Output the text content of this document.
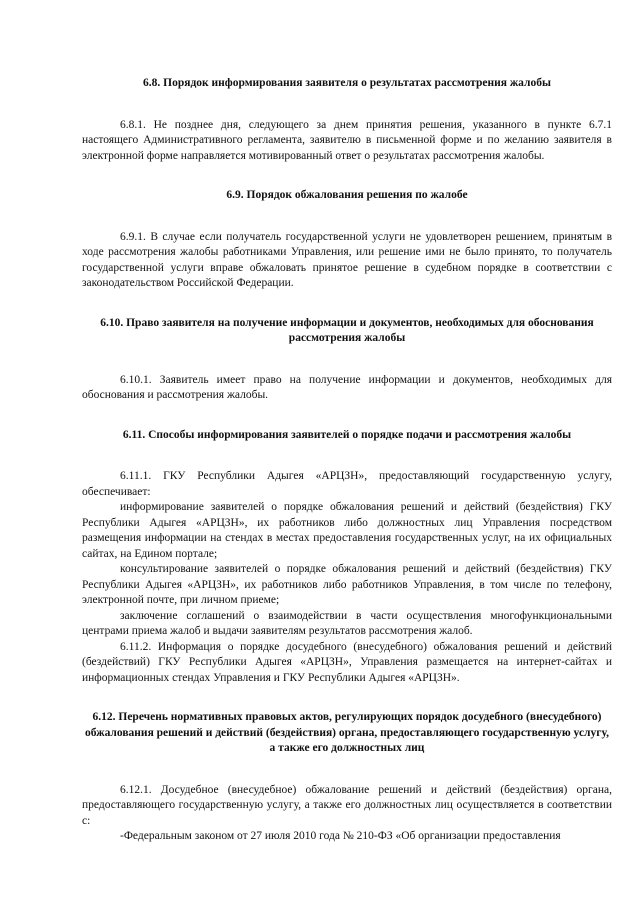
6.8. Порядок информирования заявителя о результатах рассмотрения жалобы

6.8.1. Не позднее дня, следующего за днем принятия решения, указанного в пункте 6.7.1 настоящего Административного регламента, заявителю в письменной форме и по желанию заявителя в электронной форме направляется мотивированный ответ о результатах рассмотрения жалобы.

6.9. Порядок обжалования решения по жалобе

6.9.1. В случае если получатель государственной услуги не удовлетворен решением, принятым в ходе рассмотрения жалобы работниками Управления, или решение ими не было принято, то получатель государственной услуги вправе обжаловать принятое решение в судебном порядке в соответствии с законодательством Российской Федерации.

6.10. Право заявителя на получение информации и документов, необходимых для обоснования рассмотрения жалобы

6.10.1. Заявитель имеет право на получение информации и документов, необходимых для обоснования и рассмотрения жалобы.

6.11. Способы информирования заявителей о порядке подачи и рассмотрения жалобы

6.11.1. ГКУ Республики Адыгея «АРЦЗН», предоставляющий государственную услугу, обеспечивает:

информирование заявителей о порядке обжалования решений и действий (бездействия) ГКУ Республики Адыгея «АРЦЗН», их работников либо должностных лиц Управления посредством размещения информации на стендах в местах предоставления государственных услуг, на их официальных сайтах, на Едином портале;

консультирование заявителей о порядке обжалования решений и действий (бездействия) ГКУ Республики Адыгея «АРЦЗН», их работников либо работников Управления, в том числе по телефону, электронной почте, при личном приеме;

заключение соглашений о взаимодействии в части осуществления многофункциональными центрами приема жалоб и выдачи заявителям результатов рассмотрения жалоб.

6.11.2. Информация о порядке досудебного (внесудебного) обжалования решений и действий (бездействий) ГКУ Республики Адыгея «АРЦЗН», Управления размещается на интернет-сайтах и информационных стендах Управления и ГКУ Республики Адыгея «АРЦЗН».

6.12. Перечень нормативных правовых актов, регулирующих порядок досудебного (внесудебного) обжалования решений и действий (бездействия) органа, предоставляющего государственную услугу, а также его должностных лиц

6.12.1. Досудебное (внесудебное) обжалование решений и действий (бездействия) органа, предоставляющего государственную услугу, а также его должностных лиц осуществляется в соответствии с:

-Федеральным законом от 27 июля 2010 года № 210-ФЗ «Об организации предоставления
